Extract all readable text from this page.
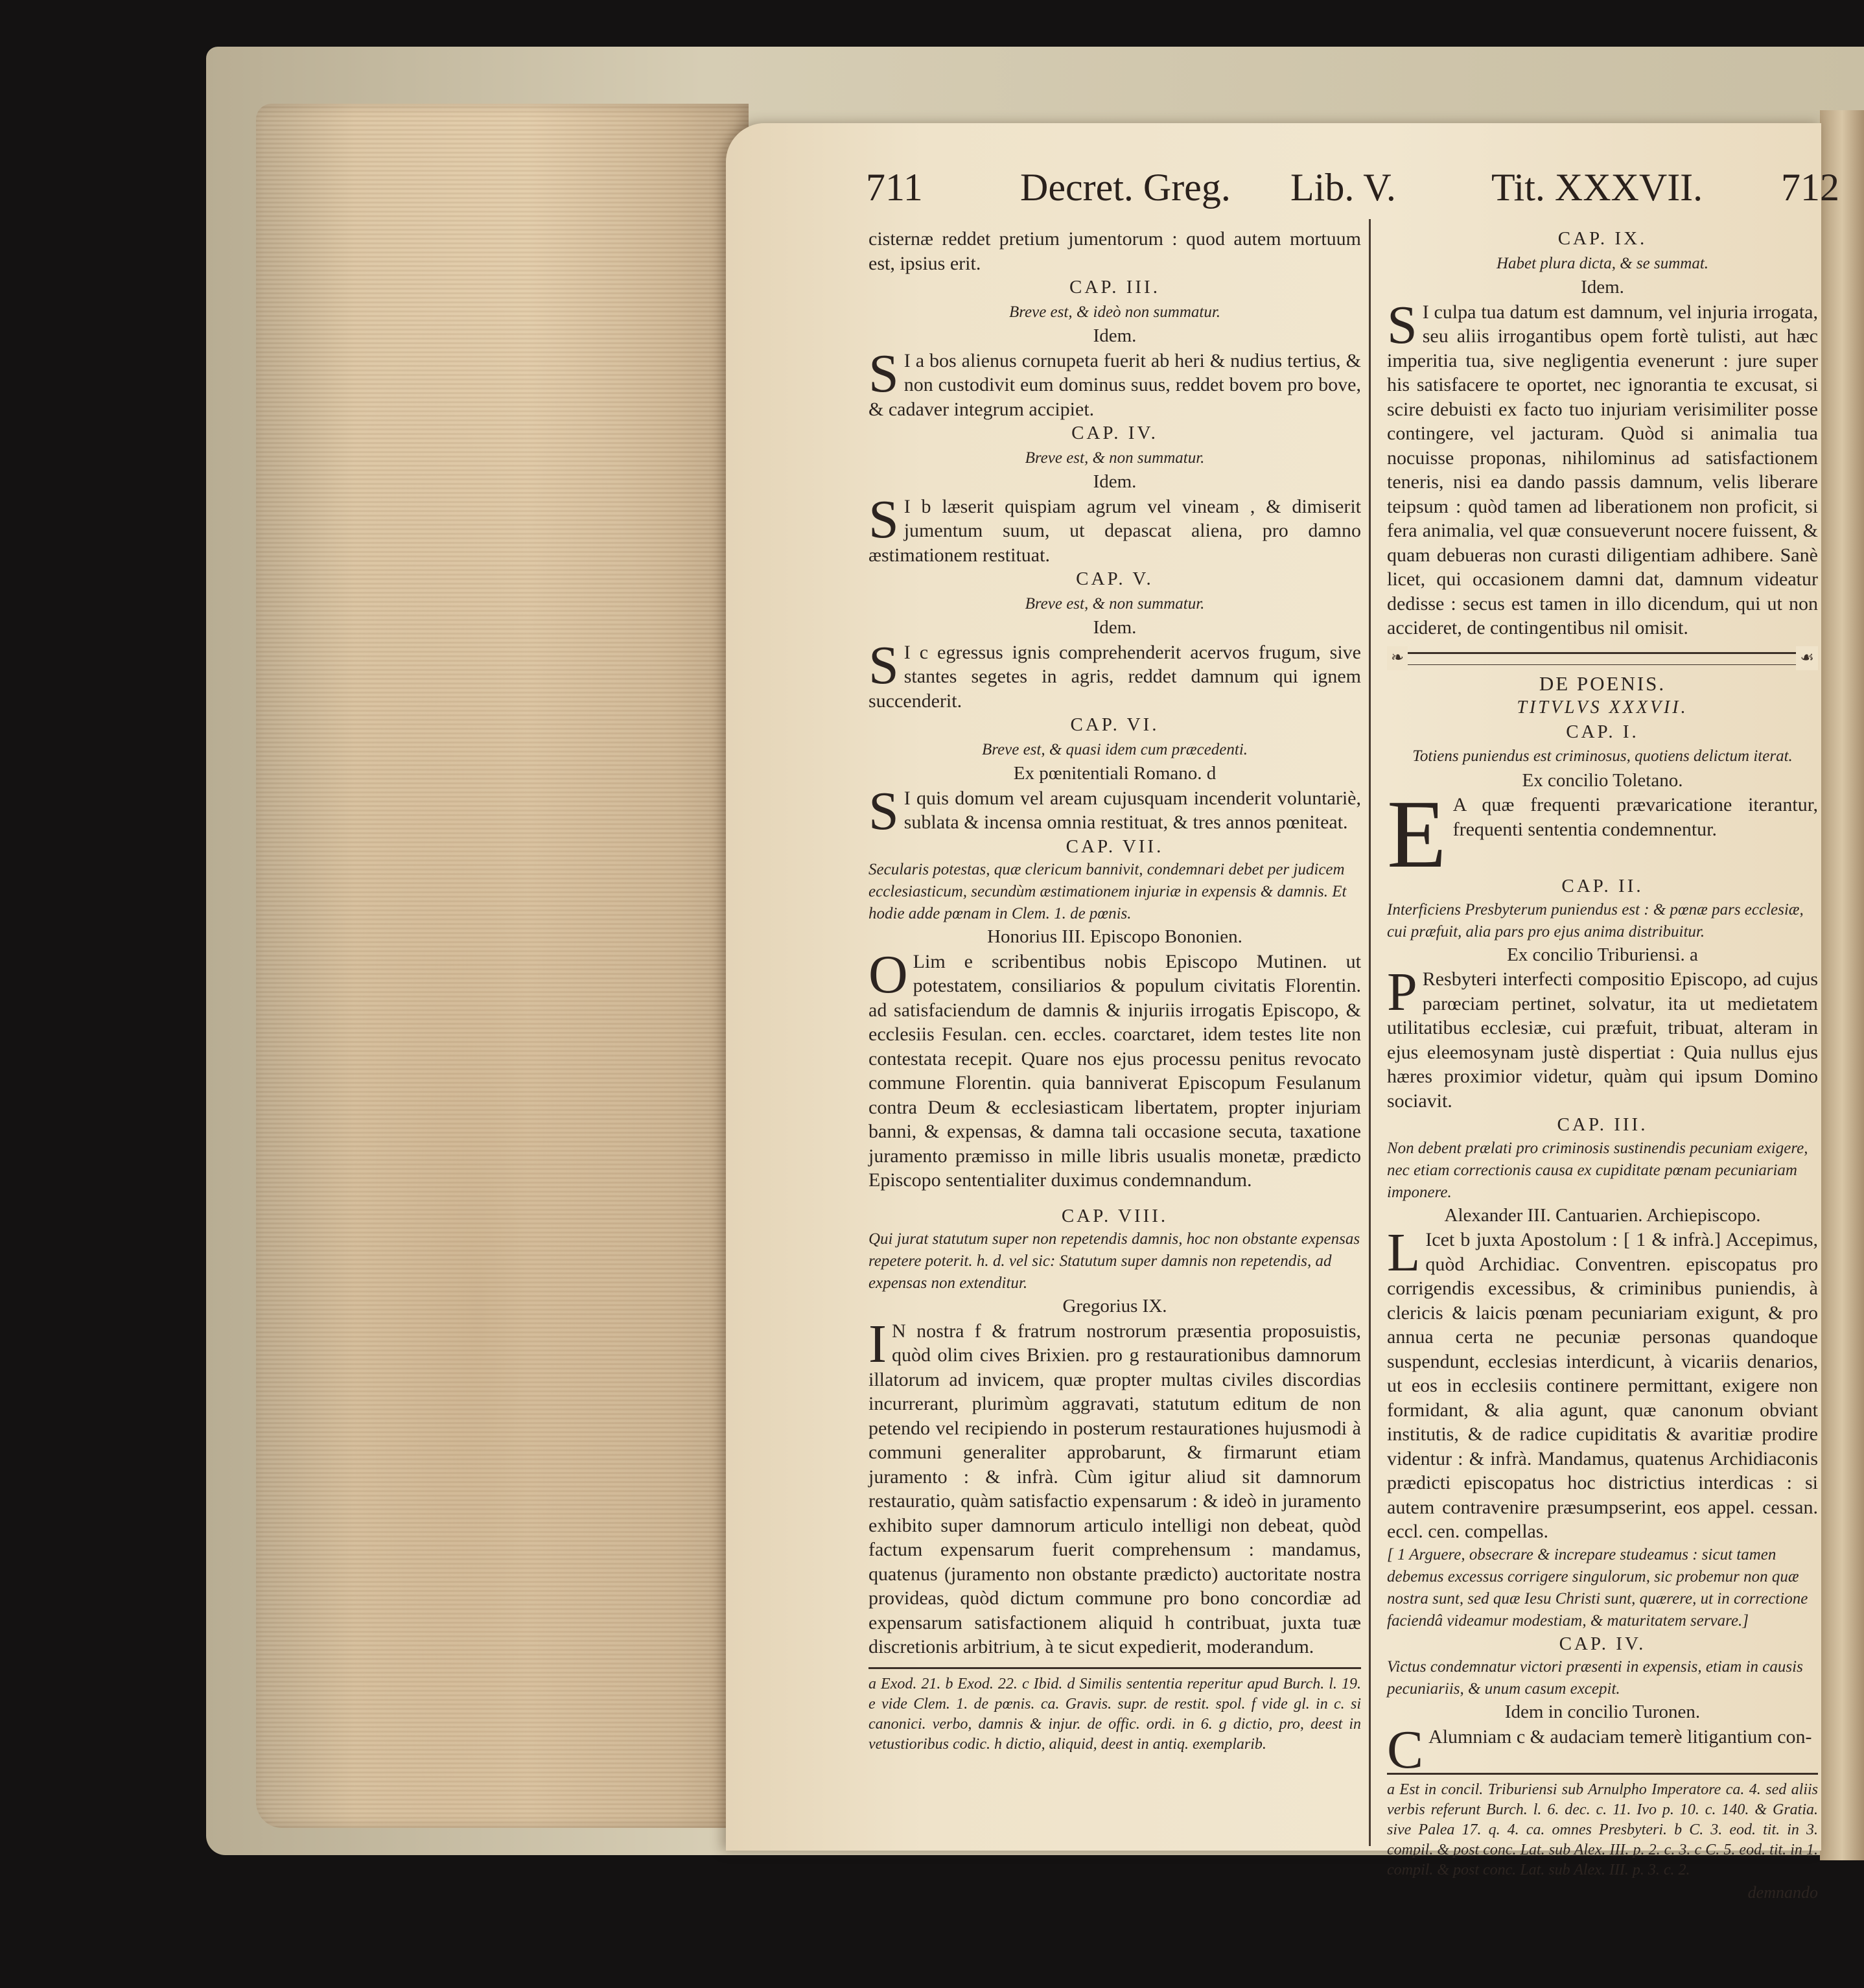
711	Decret. Greg. Lib. V. Tit. XXXVII. 712

cisternæ reddet pretium jumentorum : quod autem mortuum est, ipsius erit.

CAP. III.

Breve est, & ideò non summatur.

Idem.

S I a bos alienus cornupeta fuerit ab heri & nudius tertius, & non custodivit eum dominus suus, reddet bovem pro bove, & cadaver integrum accipiet.

CAP. IV.

Breve est, & non summatur.

Idem.

S I b læserit quispiam agrum vel vineam , & dimiserit jumentum suum, ut depascat aliena, pro damno æstimationem restituat.

CAP. V.

Breve est, & non summatur.

Idem.

S I c egressus ignis comprehenderit acervos frugum, sive stantes segetes in agris, reddet damnum qui ignem succenderit.

CAP. VI.

Breve est, & quasi idem cum præcedenti.

Ex pœnitentiali Romano. d

S I quis domum vel aream cujusquam incenderit voluntariè, sublata & incensa omnia restituat, & tres annos pœniteat.

CAP. VII.

Secularis potestas, quæ clericum bannivit, condemnari debet per judicem ecclesiasticum, secundùm æstimationem injuriæ in expensis & damnis. Et hodie adde pœnam in Clem. 1. de pœnis.

Honorius III. Episcopo Bononien.

O Lim e scribentibus nobis Episcopo Mutinen. ut potestatem, consiliarios & populum civitatis Florentin. ad satisfaciendum de damnis & injuriis irrogatis Episcopo, & ecclesiis Fesulan. cen. eccles. coarctaret, idem testes lite non contestata recepit. Quare nos ejus processu penitus revocato commune Florentin. quia banniverat Episcopum Fesulanum contra Deum & ecclesiasticam libertatem, propter injuriam banni, & expensas, & damna tali occasione secuta, taxatione juramento præmisso in mille libris usualis monetæ, prædicto Episcopo sententialiter duximus condemnandum.

CAP. VIII.

Qui jurat statutum super non repetendis damnis, hoc non obstante expensas repetere poterit. h. d. vel sic: Statutum super damnis non repetendis, ad expensas non extenditur.

Gregorius IX.

I N nostra f & fratrum nostrorum præsentia proposuistis, quòd olim cives Brixien. pro g restaurationibus damnorum illatorum ad invicem, quæ propter multas civiles discordias incurrerant, plurimùm aggravati, statutum editum de non petendo vel recipiendo in posterum restaurationes hujusmodi à communi generaliter approbarunt, & firmarunt etiam juramento : & infrà. Cùm igitur aliud sit damnorum restauratio, quàm satisfactio expensarum : & ideò in juramento exhibito super damnorum articulo intelligi non debeat, quòd factum expensarum fuerit comprehensum : mandamus, quatenus (juramento non obstante prædicto) auctoritate nostra provideas, quòd dictum commune pro bono concordiæ ad expensarum satisfactionem aliquid h contribuat, juxta tuæ discretionis arbitrium, à te sicut expedierit, moderandum.

a Exod. 21. b Exod. 22. c Ibid. d Similis sententia reperitur apud Burch. l. 19. e vide Clem. 1. de pœnis. ca. Gravis. supr. de restit. spol. f vide gl. in c. si canonici. verbo, damnis & injur. de offic. ordi. in 6. g dictio, pro, deest in vetustioribus codic. h dictio, aliquid, deest in antiq. exemplarib.

CAP. IX.

Habet plura dicta, & se summat.

Idem.

S I culpa tua datum est damnum, vel injuria irrogata, seu aliis irrogantibus opem fortè tulisti, aut hæc imperitia tua, sive negligentia evenerunt : jure super his satisfacere te oportet, nec ignorantia te excusat, si scire debuisti ex facto tuo injuriam verisimiliter posse contingere, vel jacturam. Quòd si animalia tua nocuisse proponas, nihilominus ad satisfactionem teneris, nisi ea dando passis damnum, velis liberare teipsum : quòd tamen ad liberationem non proficit, si fera animalia, vel quæ consueverunt nocere fuissent, & quam debueras non curasti diligentiam adhibere. Sanè licet, qui occasionem damni dat, damnum videatur dedisse : secus est tamen in illo dicendum, qui ut non accideret, de contingentibus nil omisit.

❧	☙

DE POENIS.

TITVLVS XXXVII.

CAP. I.

Totiens puniendus est criminosus, quotiens delictum iterat.

Ex concilio Toletano.

E A quæ frequenti prævaricatione iterantur, frequenti sententia condemnentur.

CAP. II.

Interficiens Presbyterum puniendus est : & pœnæ pars ecclesiæ, cui præfuit, alia pars pro ejus anima distribuitur.

Ex concilio Triburiensi. a

P Resbyteri interfecti compositio Episcopo, ad cujus parœciam pertinet, solvatur, ita ut medietatem utilitatibus ecclesiæ, cui præfuit, tribuat, alteram in ejus eleemosynam justè dispertiat : Quia nullus ejus hæres proximior videtur, quàm qui ipsum Domino sociavit.

CAP. III.

Non debent prælati pro criminosis sustinendis pecuniam exigere, nec etiam correctionis causa ex cupiditate pœnam pecuniariam imponere.

Alexander III. Cantuarien. Archiepiscopo.

L Icet b juxta Apostolum : [ 1 & infrà.] Accepimus, quòd Archidiac. Conventren. episcopatus pro corrigendis excessibus, & criminibus puniendis, à clericis & laicis pœnam pecuniariam exigunt, & pro annua certa ne pecuniæ personas quandoque suspendunt, ecclesias interdicunt, à vicariis denarios, ut eos in ecclesiis continere permittant, exigere non formidant, & alia agunt, quæ canonum obviant institutis, & de radice cupiditatis & avaritiæ prodire videntur : & infrà. Mandamus, quatenus Archidiaconis prædicti episcopatus hoc districtius interdicas : si autem contravenire præsumpserint, eos appel. cessan. eccl. cen. compellas.

[ 1 Arguere, obsecrare & increpare studeamus : sicut tamen debemus excessus corrigere singulorum, sic probemur non quæ nostra sunt, sed quæ Iesu Christi sunt, quærere, ut in correctione faciendâ videamur modestiam, & maturitatem servare.]

CAP. IV.

Victus condemnatur victori præsenti in expensis, etiam in causis pecuniariis, & unum casum excepit.

Idem in concilio Turonen.

C Alumniam c & audaciam temerè litigantium con-

a Est in concil. Triburiensi sub Arnulpho Imperatore ca. 4. sed aliis verbis referunt Burch. l. 6. dec. c. 11. Ivo p. 10. c. 140. & Gratia. sive Palea 17. q. 4. ca. omnes Presbyteri. b C. 3. eod. tit. in 3. compil. & post conc. Lat. sub Alex. III. p. 2. c. 3. c C. 5. eod. tit. in 1. compil. & post conc. Lat. sub Alex. III. p. 3. c. 2.

demnando
